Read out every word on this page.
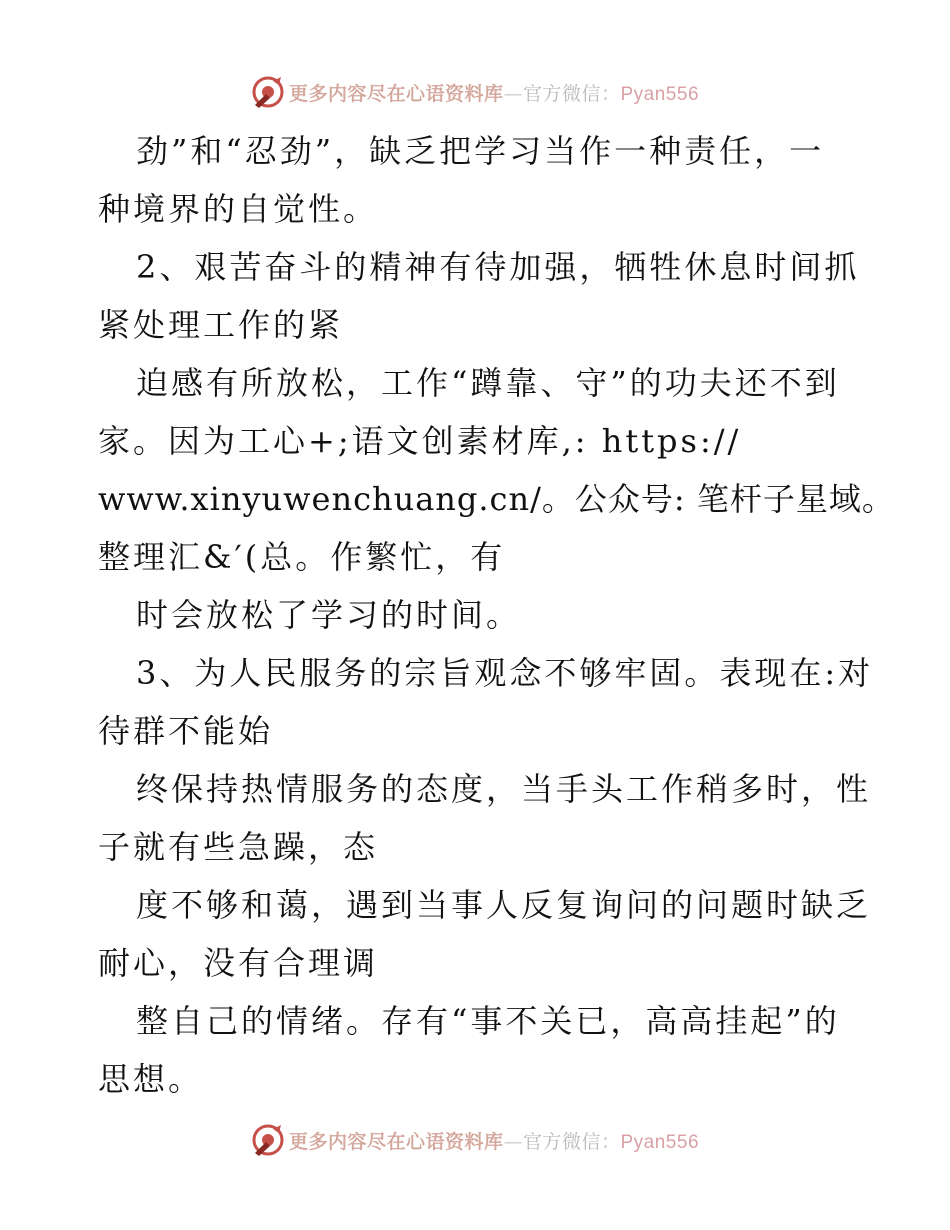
更多内容尽在心语资料库—官方微信：Pyan556
劲”和“忍劲”，缺乏把学习当作一种责任，一
种境界的自觉性。
2、艰苦奋斗的精神有待加强，牺牲休息时间抓
紧处理工作的紧
迫感有所放松，工作“蹲靠、守”的功夫还不到
家。因为工心+;语文创素材库,: https://
www.xinyuwenchuang.cn/。公众号: 笔杆子星域。
整理汇&′(总。作繁忙，有
时会放松了学习的时间。
3、为人民服务的宗旨观念不够牢固。表现在:对
待群不能始
终保持热情服务的态度，当手头工作稍多时，性
子就有些急躁，态
度不够和蔼，遇到当事人反复询问的问题时缺乏
耐心，没有合理调
整自己的情绪。存有“事不关已，高高挂起”的
思想。
更多内容尽在心语资料库—官方微信：Pyan556
